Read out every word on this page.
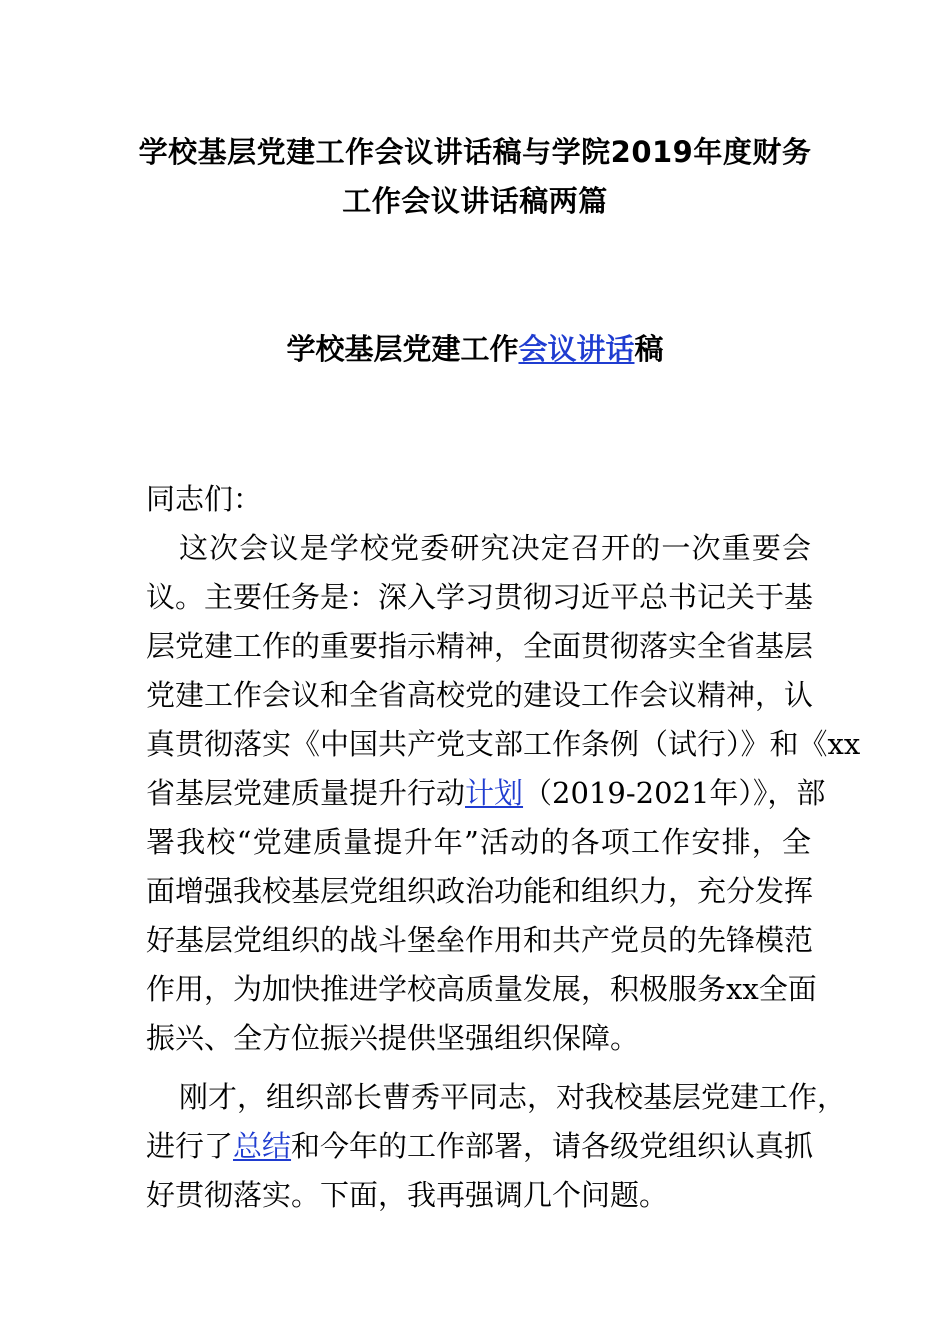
学校基层党建工作会议讲话稿与学院2019年度财务
工作会议讲话稿两篇
学校基层党建工作会议讲话稿
同志们：
这次会议是学校党委研究决定召开的一次重要会
议。主要任务是：深入学习贯彻习近平总书记关于基
层党建工作的重要指示精神，全面贯彻落实全省基层
党建工作会议和全省高校党的建设工作会议精神，认
真贯彻落实《中国共产党支部工作条例（试行）》和《xx
省基层党建质量提升行动计划（2019-2021年）》，部
署我校“党建质量提升年”活动的各项工作安排，全
面增强我校基层党组织政治功能和组织力，充分发挥
好基层党组织的战斗堡垒作用和共产党员的先锋模范
作用，为加快推进学校高质量发展，积极服务xx全面
振兴、全方位振兴提供坚强组织保障。
刚才，组织部长曹秀平同志，对我校基层党建工作，
进行了总结和今年的工作部署，请各级党组织认真抓
好贯彻落实。下面，我再强调几个问题。
